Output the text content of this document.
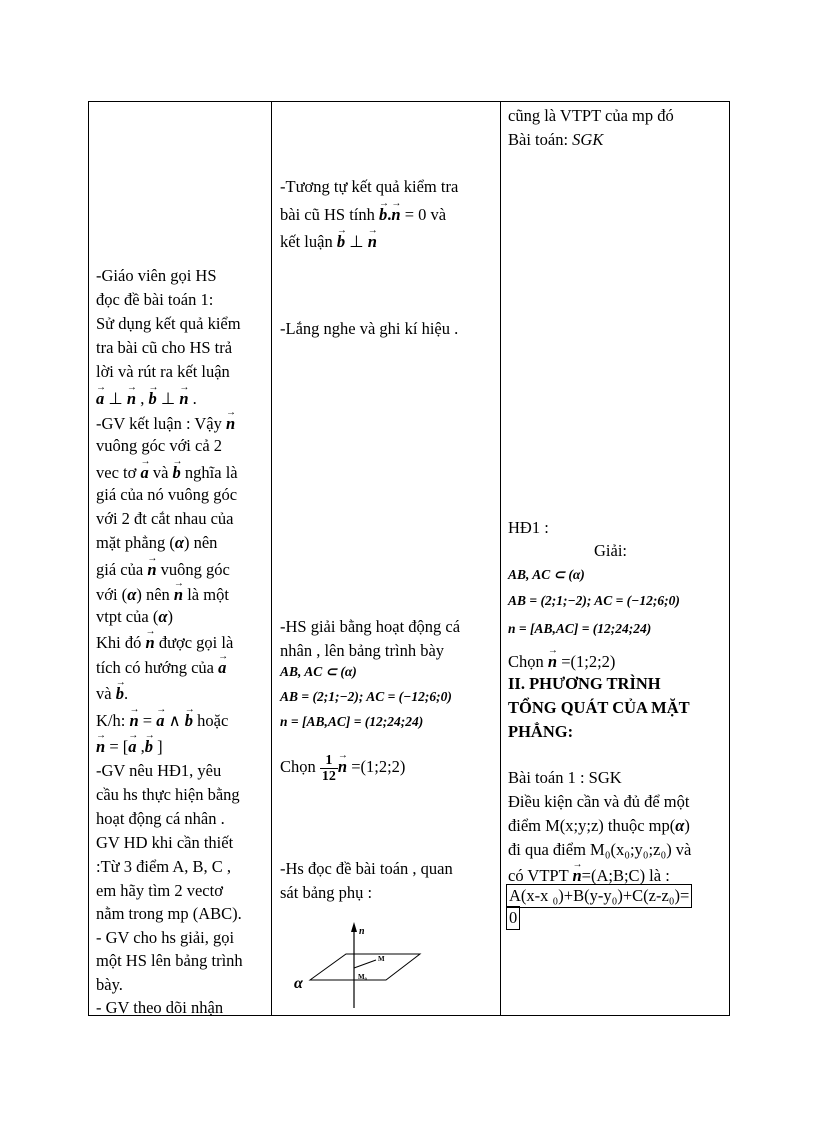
-Giáo viên gọi HS
đọc đề bài toán 1:
Sử dụng kết quả kiểm
tra bài cũ cho HS trả
lời và rút ra kết luận
→ a ⊥ → n , → b ⊥ → n .
-GV kết luận : Vậy → n
vuông góc với cả 2
vec tơ → a và → b nghĩa là
giá của nó vuông góc
với 2 đt cắt nhau của
mặt phẳng (α) nên
giá của → n vuông góc
với (α) nên → n là một
vtpt của (α)
Khi đó → n được gọi là
tích có hướng của → a
và → b.
K/h: → n = → a ∧ → b hoặc
→ n = [→ a ,→ b ]
-GV nêu HĐ1, yêu
cầu hs thực hiện bằng
hoạt động cá nhân .
GV HD khi cần thiết
:Từ 3 điểm A, B, C ,
em hãy tìm 2 vectơ
nằm trong mp (ABC).
- GV cho hs giải, gọi
một HS lên bảng trình
bày.
- GV theo dõi nhận

-Tương tự kết quả kiểm tra
bài cũ HS tính → b.→ n = 0 và
kết luận → b ⊥ → n
-Lắng nghe và ghi kí hiệu .
-HS giải bằng hoạt động cá
nhân , lên bảng trình bày
AB, AC ⊂ (α)
AB = (2;1;−2); AC = (−12;6;0)
n = [AB,AC] = (12;24;24)
Chọn $\frac{1}{12}$
→ n =(1;2;2)
-Hs đọc đề bài toán , quan
sát bảng phụ :
n
α
M
M₀

cũng là VTPT của mp đó
Bài toán: SGK
HĐ1 :
Giải:
AB, AC ⊂ (α)
AB = (2;1;−2); AC = (−12;6;0)
n = [AB,AC] = (12;24;24)
Chọn → n =(1;2;2)
II. PHƯƠNG TRÌNH
TỔNG QUÁT CỦA MẶT
PHẲNG:
Bài toán 1 : SGK
Điều kiện cần và đủ để một
điểm M(x;y;z) thuộc mp(α)
đi qua điểm M₀(x₀;y₀;z₀) và
có VTPT → n=(A;B;C) là :
A(x-x ₀)+B(y-y₀)+C(z-z₀)=
0
